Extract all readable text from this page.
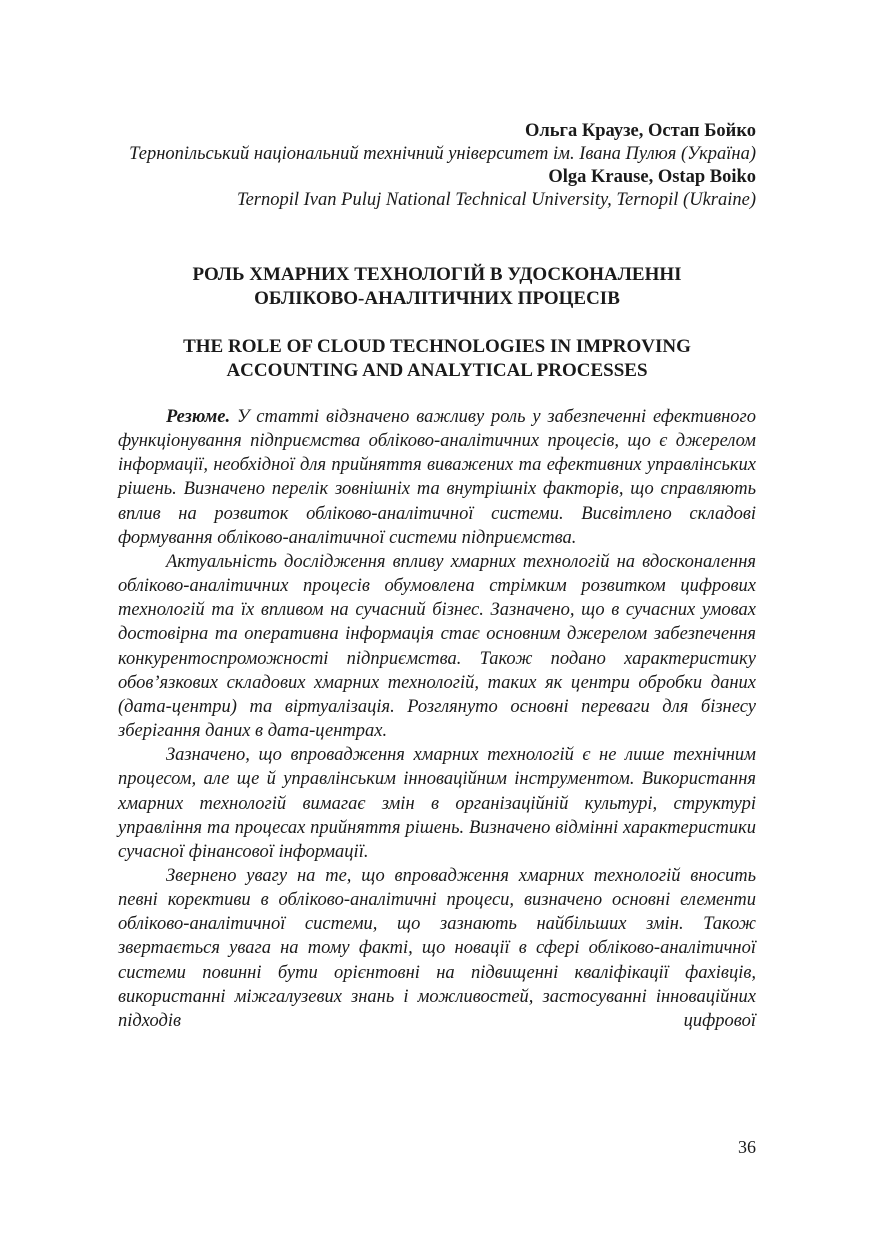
Ольга Краузе, Остап Бойко
Тернопільський національний технічний університет ім. Івана Пулюя (Україна)
Olga Krause, Ostap Boiko
Ternopil Ivan Puluj National Technical University, Ternopil (Ukraine)
РОЛЬ ХМАРНИХ ТЕХНОЛОГІЙ В УДОСКОНАЛЕННІ
ОБЛІКОВО-АНАЛІТИЧНИХ ПРОЦЕСІВ
THE ROLE OF CLOUD TECHNOLOGIES IN IMPROVING
ACCOUNTING AND ANALYTICAL PROCESSES

Резюме. У статті відзначено важливу роль у забезпеченні ефективного функціонування підприємства обліково-аналітичних процесів, що є джерелом інформації, необхідної для прийняття виважених та ефективних управлінських рішень. Визначено перелік зовнішніх та внутрішніх факторів, що справляють вплив на розвиток обліково-аналітичної системи. Висвітлено складові формування обліково-аналітичної системи підприємства.

Актуальність дослідження впливу хмарних технологій на вдосконалення обліково-аналітичних процесів обумовлена стрімким розвитком цифрових технологій та їх впливом на сучасний бізнес. Зазначено, що в сучасних умовах достовірна та оперативна інформація стає основним джерелом забезпечення конкурентоспроможності підприємства. Також подано характеристику обов’язкових складових хмарних технологій, таких як центри обробки даних (дата-центри) та віртуалізація. Розглянуто основні переваги для бізнесу зберігання даних в дата-центрах.

Зазначено, що впровадження хмарних технологій є не лише технічним процесом, але ще й управлінським інноваційним інструментом. Використання хмарних технологій вимагає змін в організаційній культурі, структурі управління та процесах прийняття рішень. Визначено відмінні характеристики сучасної фінансової інформації.

Звернено увагу на те, що впровадження хмарних технологій вносить певні корективи в обліково-аналітичні процеси, визначено основні елементи обліково-аналітичної системи, що зазнають найбільших змін. Також звертається увага на тому факті, що новації в сфері обліково-аналітичної системи повинні бути орієнтовні на підвищенні кваліфікації фахівців, використанні міжгалузевих знань і можливостей, застосуванні інноваційних підходів цифрової

36
